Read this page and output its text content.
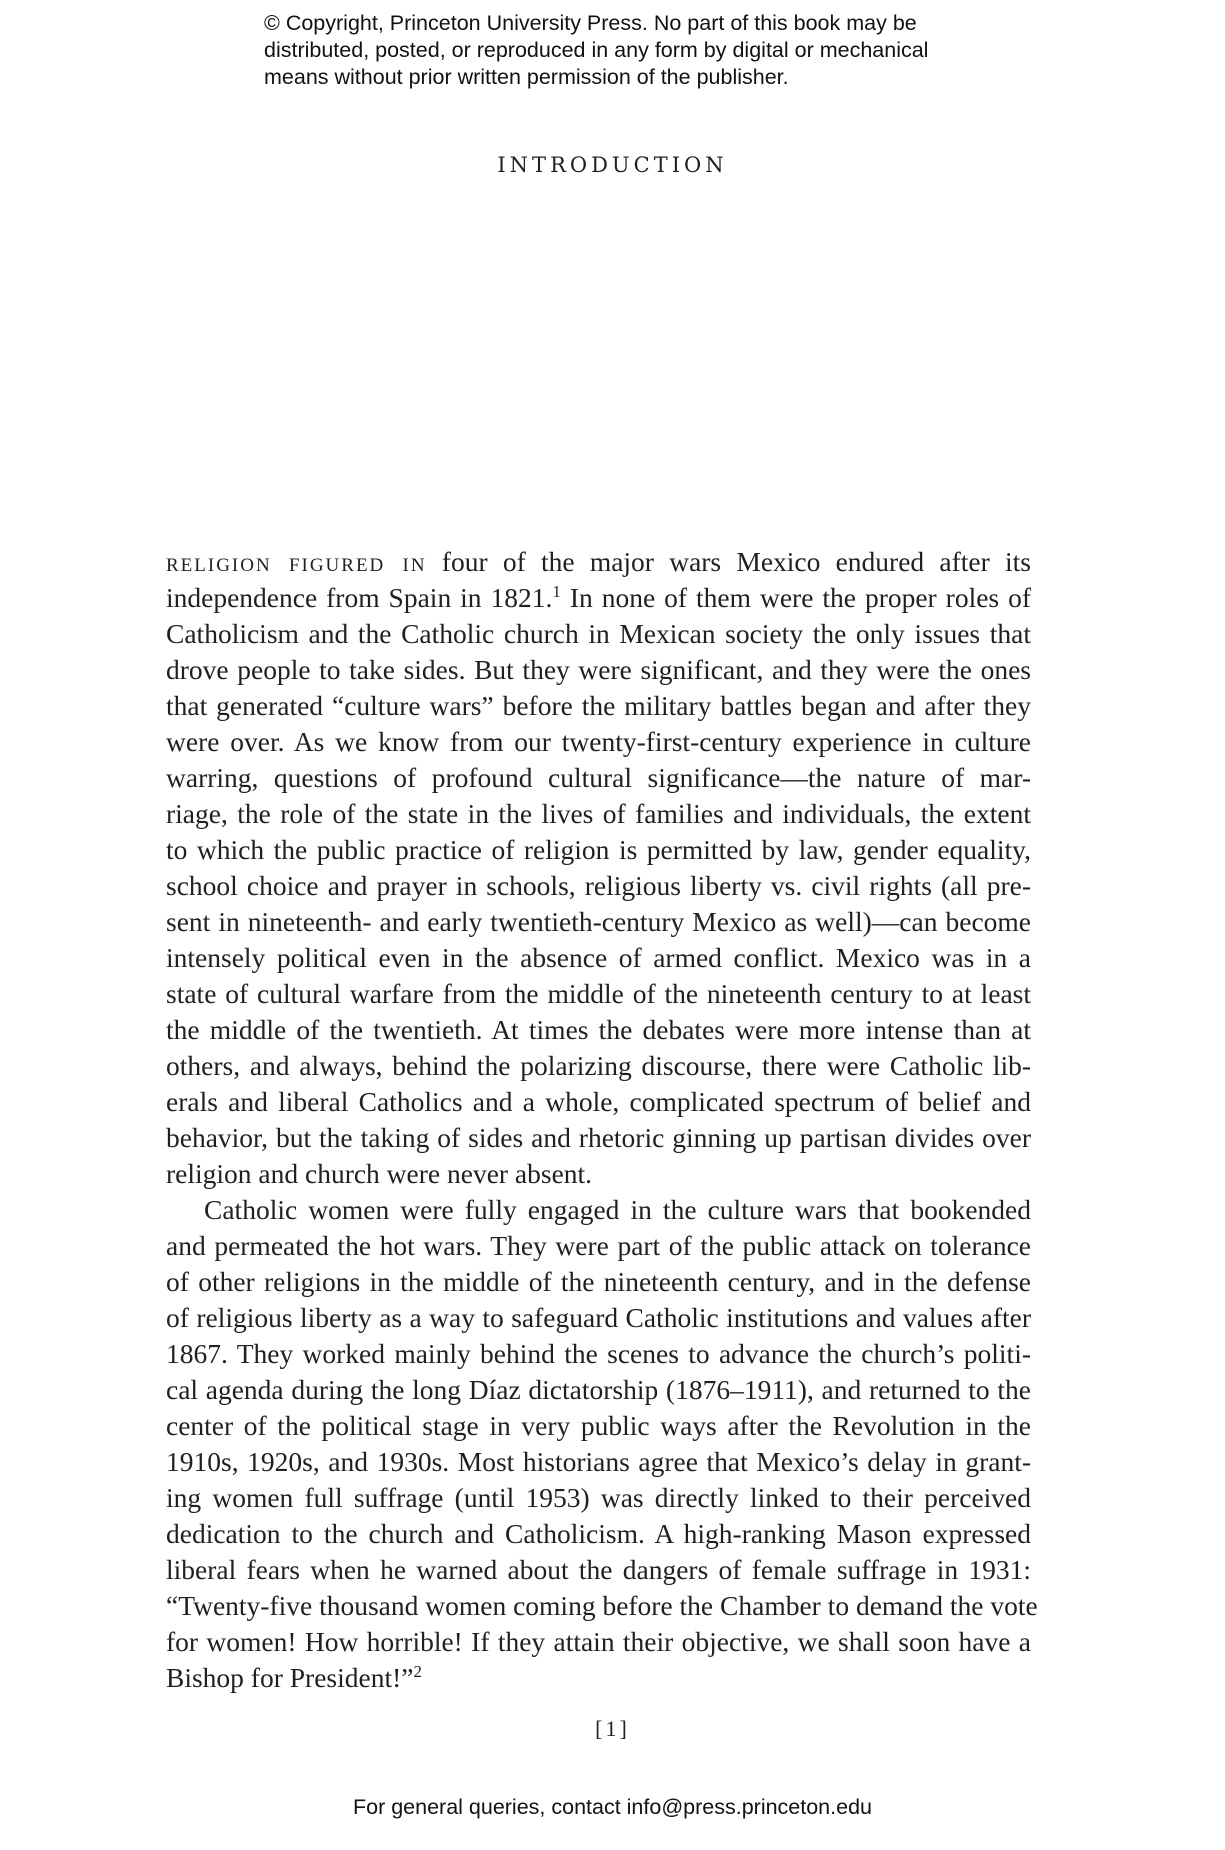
© Copyright, Princeton University Press. No part of this book may be
distributed, posted, or reproduced in any form by digital or mechanical
means without prior written permission of the publisher.
INTRODUCTION
religion figured in four of the major wars Mexico endured after its
independence from Spain in 1821.$^1$ In none of them were the proper roles of
Catholicism and the Catholic church in Mexican society the only issues that
drove people to take sides. But they were significant, and they were the ones
that generated “culture wars” before the military battles began and after they
were over. As we know from our twenty-first-century experience in culture
warring, questions of profound cultural significance—the nature of mar-
riage, the role of the state in the lives of families and individuals, the extent
to which the public practice of religion is permitted by law, gender equality,
school choice and prayer in schools, religious liberty vs. civil rights (all pre-
sent in nineteenth- and early twentieth-century Mexico as well)—can become
intensely political even in the absence of armed conflict. Mexico was in a
state of cultural warfare from the middle of the nineteenth century to at least
the middle of the twentieth. At times the debates were more intense than at
others, and always, behind the polarizing discourse, there were Catholic lib-
erals and liberal Catholics and a whole, complicated spectrum of belief and
behavior, but the taking of sides and rhetoric ginning up partisan divides over
religion and church were never absent.
Catholic women were fully engaged in the culture wars that bookended
and permeated the hot wars. They were part of the public attack on tolerance
of other religions in the middle of the nineteenth century, and in the defense
of religious liberty as a way to safeguard Catholic institutions and values after
1867. They worked mainly behind the scenes to advance the church’s politi-
cal agenda during the long Díaz dictatorship (1876–1911), and returned to the
center of the political stage in very public ways after the Revolution in the
1910s, 1920s, and 1930s. Most historians agree that Mexico’s delay in grant-
ing women full suffrage (until 1953) was directly linked to their perceived
dedication to the church and Catholicism. A high-ranking Mason expressed
liberal fears when he warned about the dangers of female suffrage in 1931:
“Twenty-five thousand women coming before the Chamber to demand the vote
for women! How horrible! If they attain their objective, we shall soon have a
Bishop for President!”$^2$
[1]
For general queries, contact info@press.princeton.edu
